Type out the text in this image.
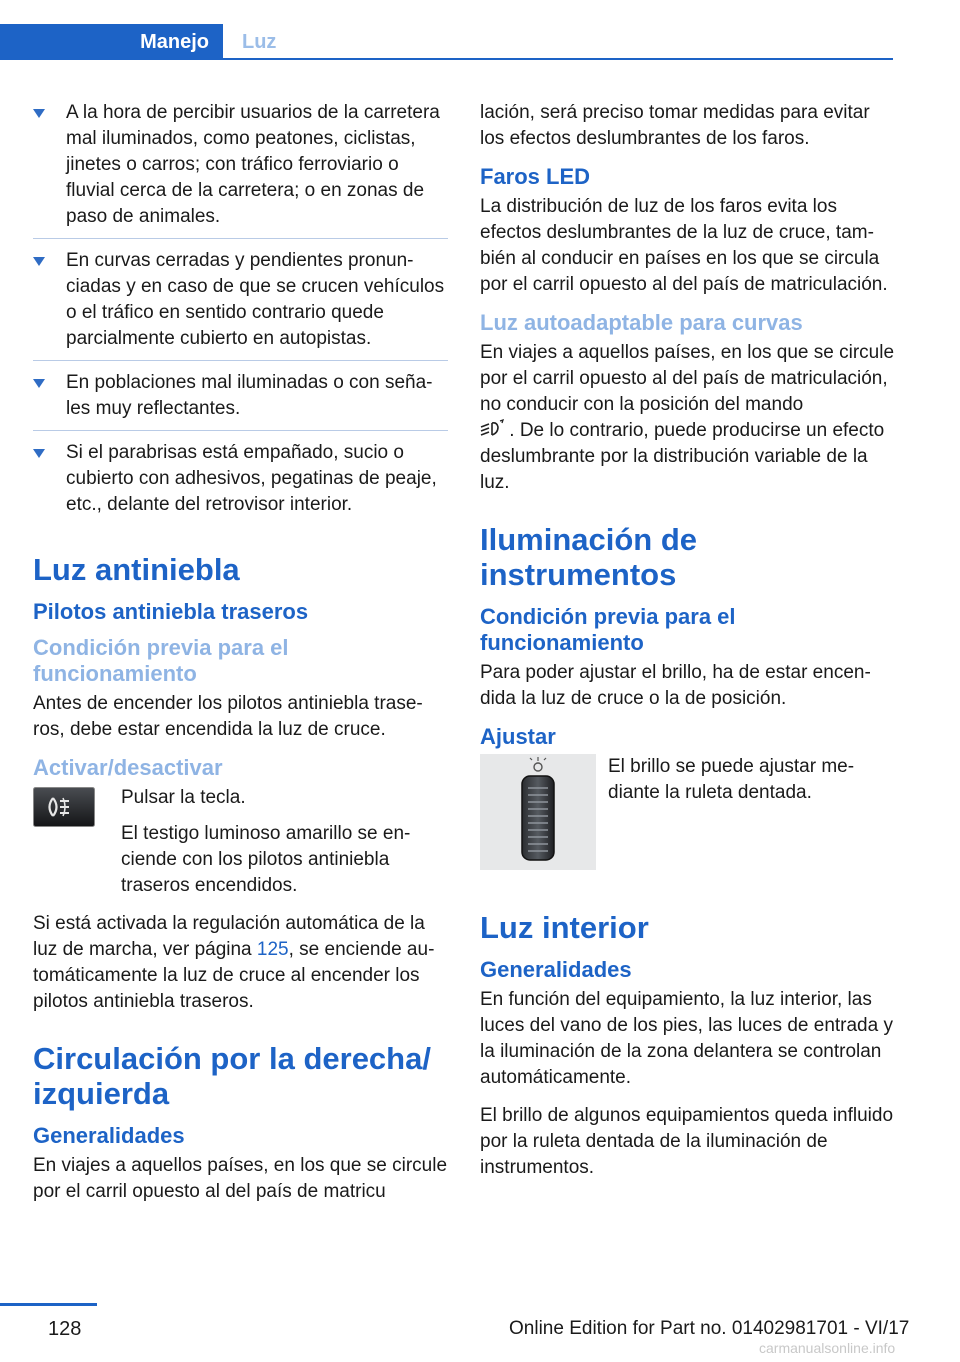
Manejo	Luz
A la hora de percibir usuarios de la carretera mal iluminados, como peatones, ciclistas, jinetes o carros; con tráfico ferroviario o fluvial cerca de la carretera; o en zonas de paso de animales.
En curvas cerradas y pendientes pronunciadas y en caso de que se crucen vehículos o el tráfico en sentido contrario quede parcialmente cubierto en autopistas.
En poblaciones mal iluminadas o con señales muy reflectantes.
Si el parabrisas está empañado, sucio o cubierto con adhesivos, pegatinas de peaje, etc., delante del retrovisor interior.
Luz antiniebla
Pilotos antiniebla traseros
Condición previa para el funcionamiento

Antes de encender los pilotos antiniebla traseros, debe estar encendida la luz de cruce.

Activar/desactivar

Pulsar la tecla.

El testigo luminoso amarillo se enciende con los pilotos antiniebla traseros encendidos.

Si está activada la regulación automática de la luz de marcha, ver página 125, se enciende automáticamente la luz de cruce al encender los pilotos antiniebla traseros.

Circulación por la derecha/ izquierda
Generalidades

En viajes a aquellos países, en los que se circule por el carril opuesto al del país de matricu

lación, será preciso tomar medidas para evitar los efectos deslumbrantes de los faros.

Faros LED

La distribución de luz de los faros evita los efectos deslumbrantes de la luz de cruce, también al conducir en países en los que se circula por el carril opuesto al del país de matriculación.

Luz autoadaptable para curvas

En viajes a aquellos países, en los que se circule por el carril opuesto al del país de matriculación, no conducir con la posición del mando
. De lo contrario, puede producirse un efecto deslumbrante por la distribución variable de la luz.

Iluminación de instrumentos
Condición previa para el funcionamiento

Para poder ajustar el brillo, ha de estar encendida la luz de cruce o la de posición.

Ajustar

El brillo se puede ajustar mediante la ruleta dentada.

Luz interior
Generalidades

En función del equipamiento, la luz interior, las luces del vano de los pies, las luces de entrada y la iluminación de la zona delantera se controlan automáticamente.

El brillo de algunos equipamientos queda influido por la ruleta dentada de la iluminación de instrumentos.

128	Online Edition for Part no. 01402981701 - VI/17
carmanualsonline.info
